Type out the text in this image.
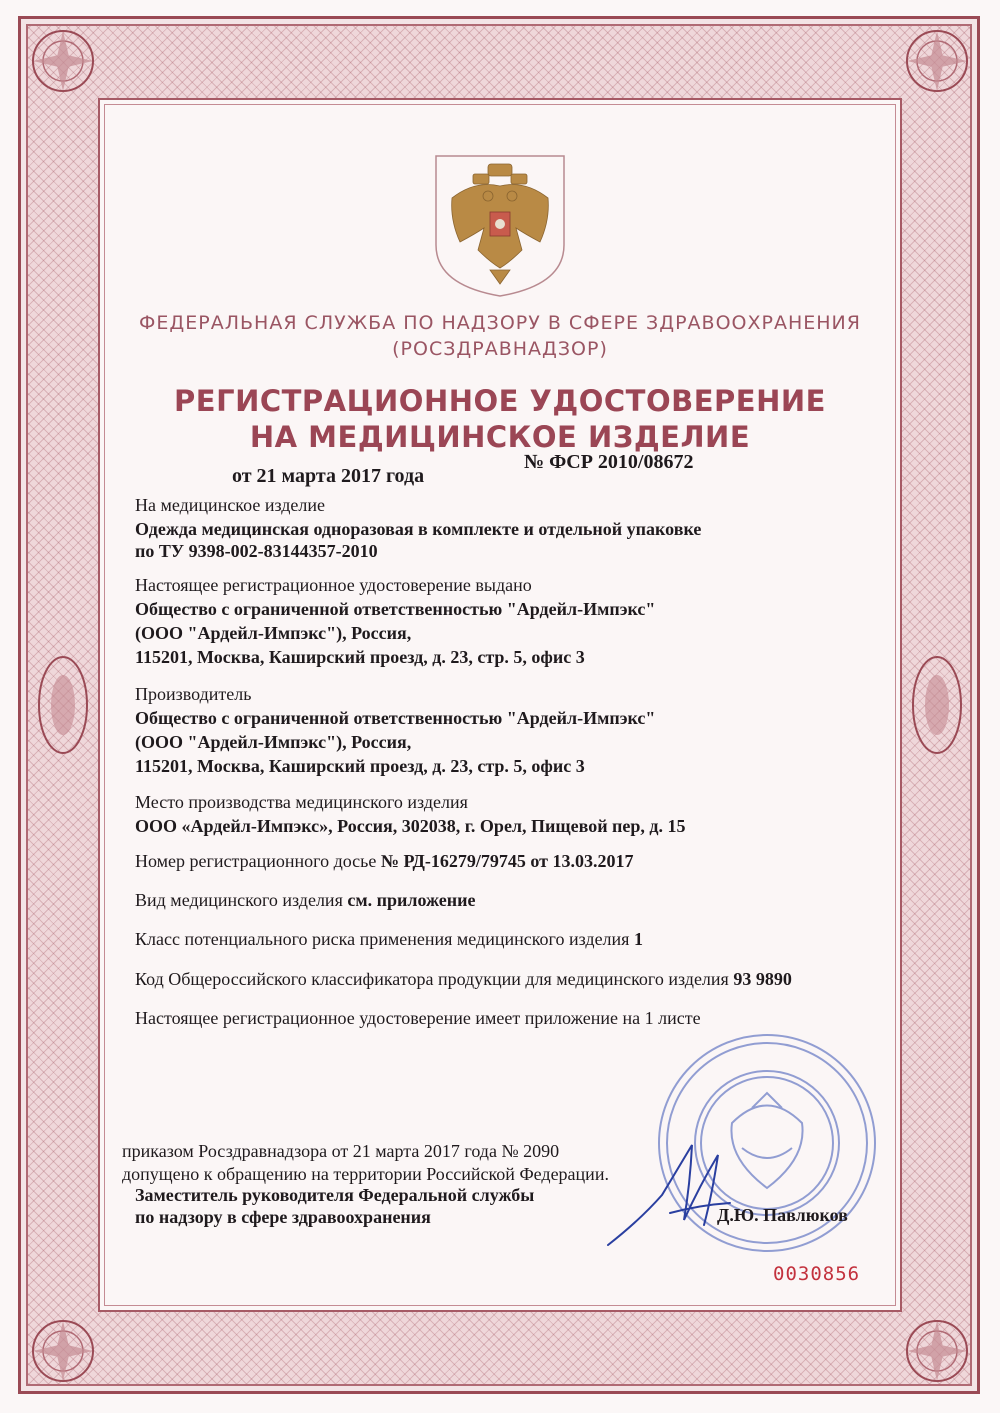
ФЕДЕРАЛЬНАЯ СЛУЖБА ПО НАДЗОРУ В СФЕРЕ ЗДРАВООХРАНЕНИЯ
(РОСЗДРАВНАДЗОР)
РЕГИСТРАЦИОННОЕ УДОСТОВЕРЕНИЕ
НА МЕДИЦИНСКОЕ ИЗДЕЛИЕ
№ ФСР 2010/08672
от 21 марта 2017 года
На медицинское изделие
Одежда медицинская одноразовая в комплекте и отдельной упаковке
по ТУ 9398-002-83144357-2010
Настоящее регистрационное удостоверение выдано
Общество с ограниченной ответственностью "Ардейл-Импэкс"
(ООО "Ардейл-Импэкс"), Россия,
115201, Москва, Каширский проезд, д. 23, стр. 5, офис 3
Производитель
Общество с ограниченной ответственностью "Ардейл-Импэкс"
(ООО "Ардейл-Импэкс"), Россия,
115201, Москва, Каширский проезд, д. 23, стр. 5, офис 3
Место производства медицинского изделия
ООО «Ардейл-Импэкс», Россия, 302038, г. Орел, Пищевой пер, д. 15
Номер регистрационного досье № РД-16279/79745 от 13.03.2017
Вид медицинского изделия см. приложение
Класс потенциального риска применения медицинского изделия 1
Код Общероссийского классификатора продукции для медицинского изделия 93 9890
Настоящее регистрационное удостоверение имеет приложение на 1 листе
приказом Росздравнадзора от 21 марта 2017 года № 2090
допущено к обращению на территории Российской Федерации.
Заместитель руководителя Федеральной службы
по надзору в сфере здравоохранения	Д.Ю. Павлюков
0030856
